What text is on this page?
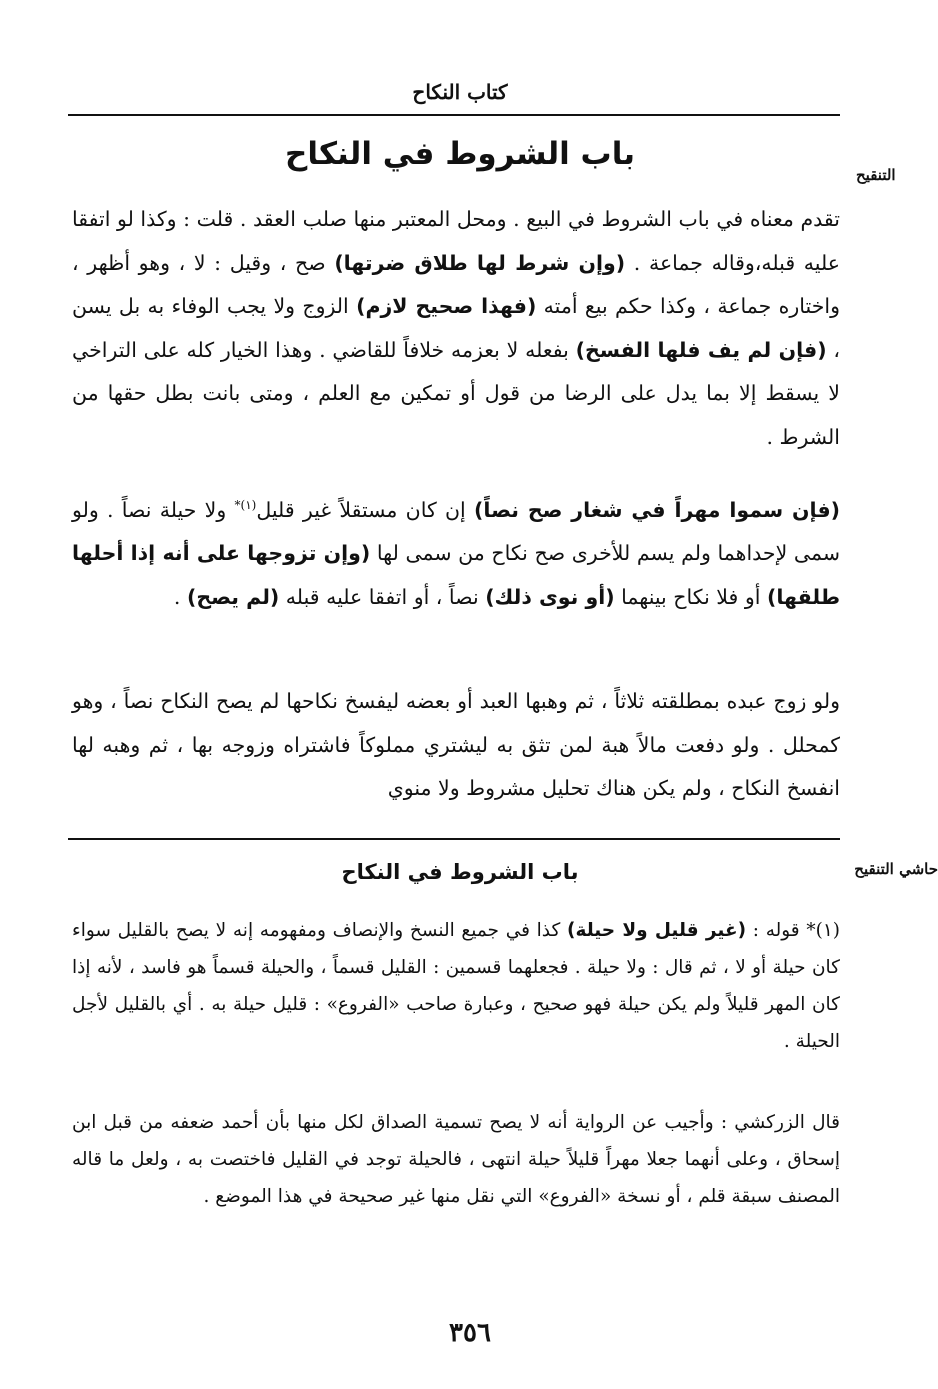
كتاب النكاح
التنقيح
باب الشروط في النكاح

تقدم معناه في باب الشروط في البيع . ومحل المعتبر منها صلب العقد . قلت : وكذا لو اتفقا عليه قبله،وقاله جماعة . (وإن شرط لها طلاق ضرتها) صح ، وقيل : لا ، وهو أظهر ، واختاره جماعة ، وكذا حكم بيع أمته (فهذا صحيح لازم) الزوج ولا يجب الوفاء به بل يسن ، (فإن لم يف فلها الفسخ) بفعله لا بعزمه خلافاً للقاضي . وهذا الخيار كله على التراخي لا يسقط إلا بما يدل على الرضا من قول أو تمكين مع العلم ، ومتى بانت بطل حقها من الشرط .

(فإن سموا مهراً في شغار صح نصاً) إن كان مستقلاً غير قليل$^{(١)*}$ ولا حيلة نصاً . ولو سمى لإحداهما ولم يسم للأخرى صح نكاح من سمى لها (وإن تزوجها على أنه إذا أحلها طلقها) أو فلا نكاح بينهما (أو نوى ذلك) نصاً ، أو اتفقا عليه قبله (لم يصح) .

ولو زوج عبده بمطلقته ثلاثاً ، ثم وهبها العبد أو بعضه ليفسخ نكاحها لم يصح النكاح نصاً ، وهو كمحلل . ولو دفعت مالاً هبة لمن تثق به ليشتري مملوكاً فاشتراه وزوجه بها ، ثم وهبه لها انفسخ النكاح ، ولم يكن هناك تحليل مشروط ولا منوي

حاشي التنقيح
باب الشروط في النكاح

(١)* قوله : (غير قليل ولا حيلة) كذا في جميع النسخ والإنصاف ومفهومه إنه لا يصح بالقليل سواء كان حيلة أو لا ، ثم قال : ولا حيلة . فجعلهما قسمين : القليل قسماً ، والحيلة قسماً هو فاسد ، لأنه إذا كان المهر قليلاً ولم يكن حيلة فهو صحيح ، وعبارة صاحب «الفروع» : قليل حيلة به . أي بالقليل لأجل الحيلة .

قال الزركشي : وأجيب عن الرواية أنه لا يصح تسمية الصداق لكل منها بأن أحمد ضعفه من قبل ابن إسحاق ، وعلى أنهما جعلا مهراً قليلاً حيلة انتهى ، فالحيلة توجد في القليل فاختصت به ، ولعل ما قاله المصنف سبقة قلم ، أو نسخة «الفروع» التي نقل منها غير صحيحة في هذا الموضع .

٣٥٦
